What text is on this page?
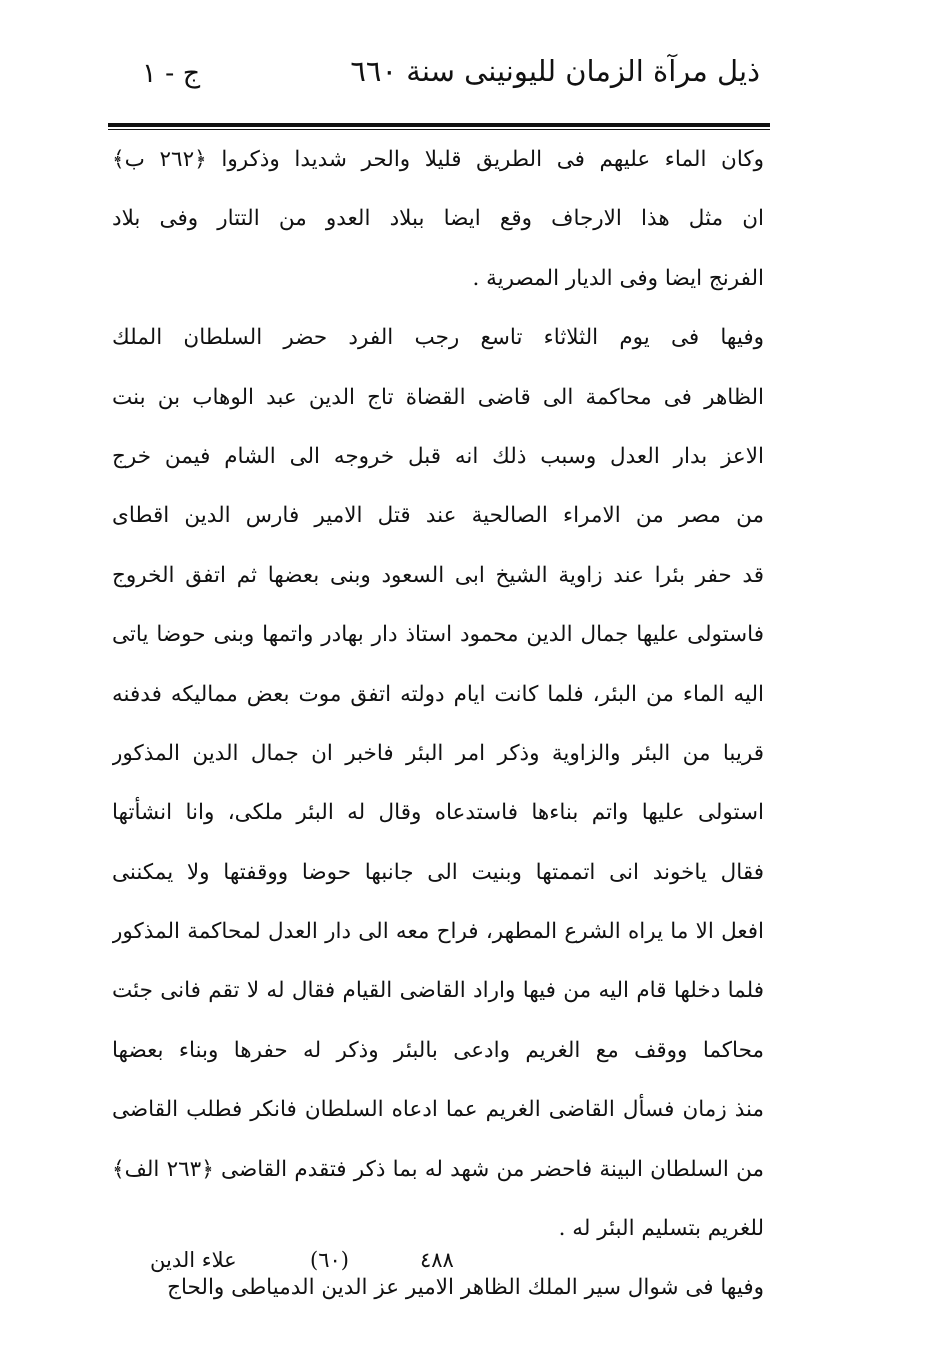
ذيل مرآة الزمان لليونينى سنة ٦٦٠
ج - ١
وكان الماء عليهم فى الطريق قليلا والحر شديدا وذكروا ﴿٢٦٢ ب﴾
ان مثل هذا الارجاف وقع ايضا ببلاد العدو من التتار وفى بلاد
الفرنج ايضا وفى الديار المصرية .
وفيها فى يوم الثلاثاء تاسع رجب الفرد حضر السلطان الملك
الظاهر فى محاكمة الى قاضى القضاة تاج الدين عبد الوهاب بن بنت
الاعز بدار العدل وسبب ذلك انه قبل خروجه الى الشام فيمن خرج
من مصر من الامراء الصالحية عند قتل الامير فارس الدين اقطاى
قد حفر بئرا عند زاوية الشيخ ابى السعود وبنى بعضها ثم اتفق الخروج
فاستولى عليها جمال الدين محمود استاذ دار بهادر واتمها وبنى حوضا ياتى
اليه الماء من البئر، فلما كانت ايام دولته اتفق موت بعض مماليكه فدفنه
قريبا من البئر والزاوية وذكر امر البئر فاخبر ان جمال الدين المذكور
استولى عليها واتم بناءها فاستدعاه وقال له البئر ملكى، وانا انشأتها
فقال ياخوند انى اتممتها وبنيت الى جانبها حوضا ووقفتها ولا يمكننى
افعل الا ما يراه الشرع المطهر، فراح معه الى دار العدل لمحاكمة المذكور
فلما دخلها قام اليه من فيها واراد القاضى القيام فقال له لا تقم فانى جئت
محاكما ووقف مع الغريم وادعى بالبئر وذكر له حفرها وبناء بعضها
منذ زمان فسأل القاضى الغريم عما ادعاه السلطان فانكر فطلب القاضى
من السلطان البينة فاحضر من شهد له بما ذكر فتقدم القاضى ﴿٢٦٣ الف﴾
للغريم بتسليم البئر له .
وفيها فى شوال سير الملك الظاهر الامير عز الدين الدمياطى والحاج
٤٨٨
(٦٠)
علاء الدين
